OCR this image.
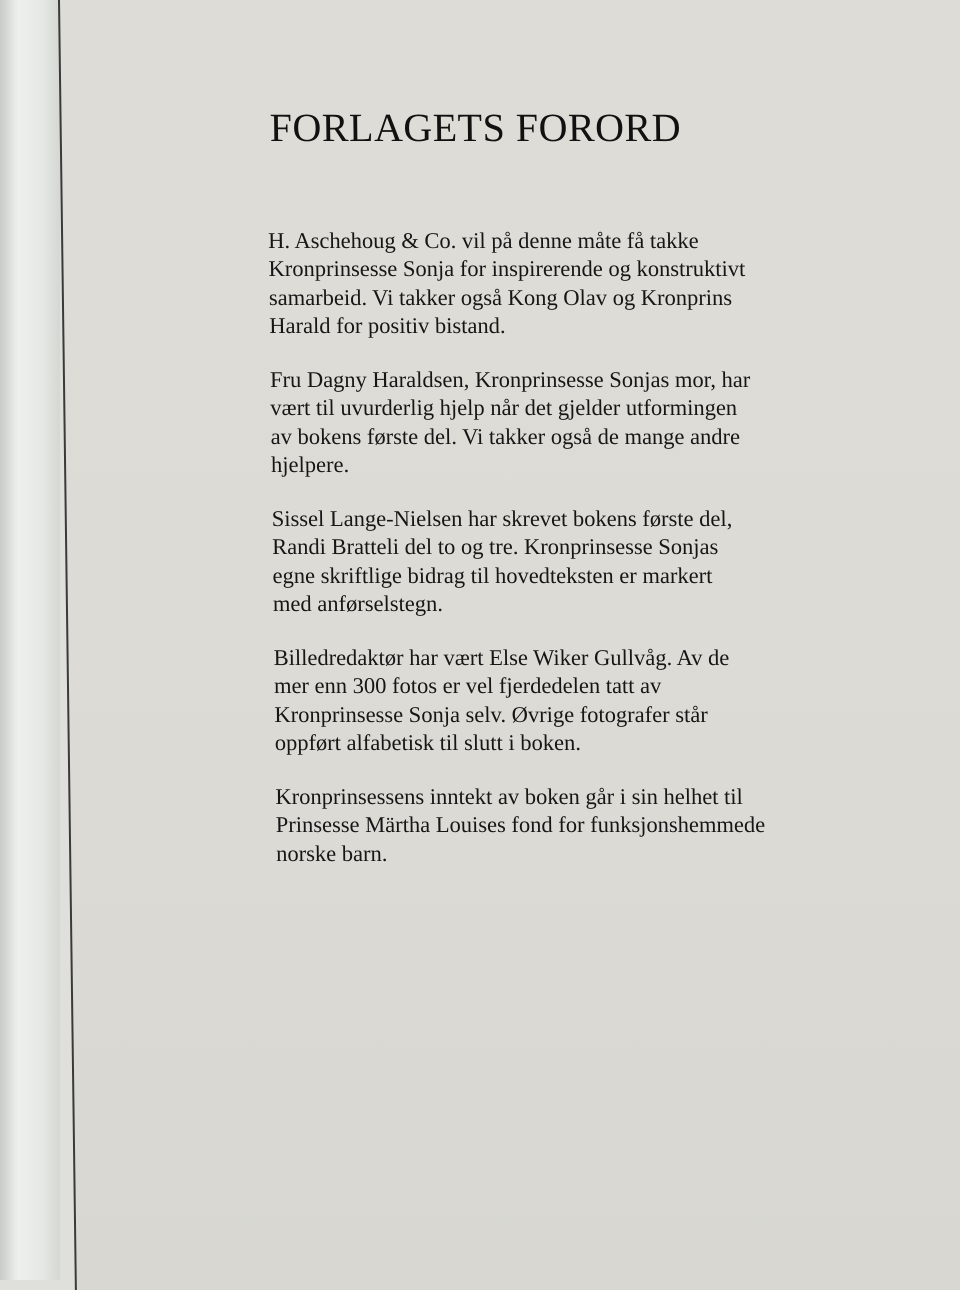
FORLAGETS FORORD

H. Aschehoug & Co. vil på denne måte få takke
Kronprinsesse Sonja for inspirerende og konstruktivt
samarbeid. Vi takker også Kong Olav og Kronprins
Harald for positiv bistand.

Fru Dagny Haraldsen, Kronprinsesse Sonjas mor, har
vært til uvurderlig hjelp når det gjelder utformingen
av bokens første del. Vi takker også de mange andre
hjelpere.

Sissel Lange-Nielsen har skrevet bokens første del,
Randi Bratteli del to og tre. Kronprinsesse Sonjas
egne skriftlige bidrag til hovedteksten er markert
med anførselstegn.

Billedredaktør har vært Else Wiker Gullvåg. Av de
mer enn 300 fotos er vel fjerdedelen tatt av
Kronprinsesse Sonja selv. Øvrige fotografer står
oppført alfabetisk til slutt i boken.

Kronprinsessens inntekt av boken går i sin helhet til
Prinsesse Märtha Louises fond for funksjonshemmede
norske barn.
